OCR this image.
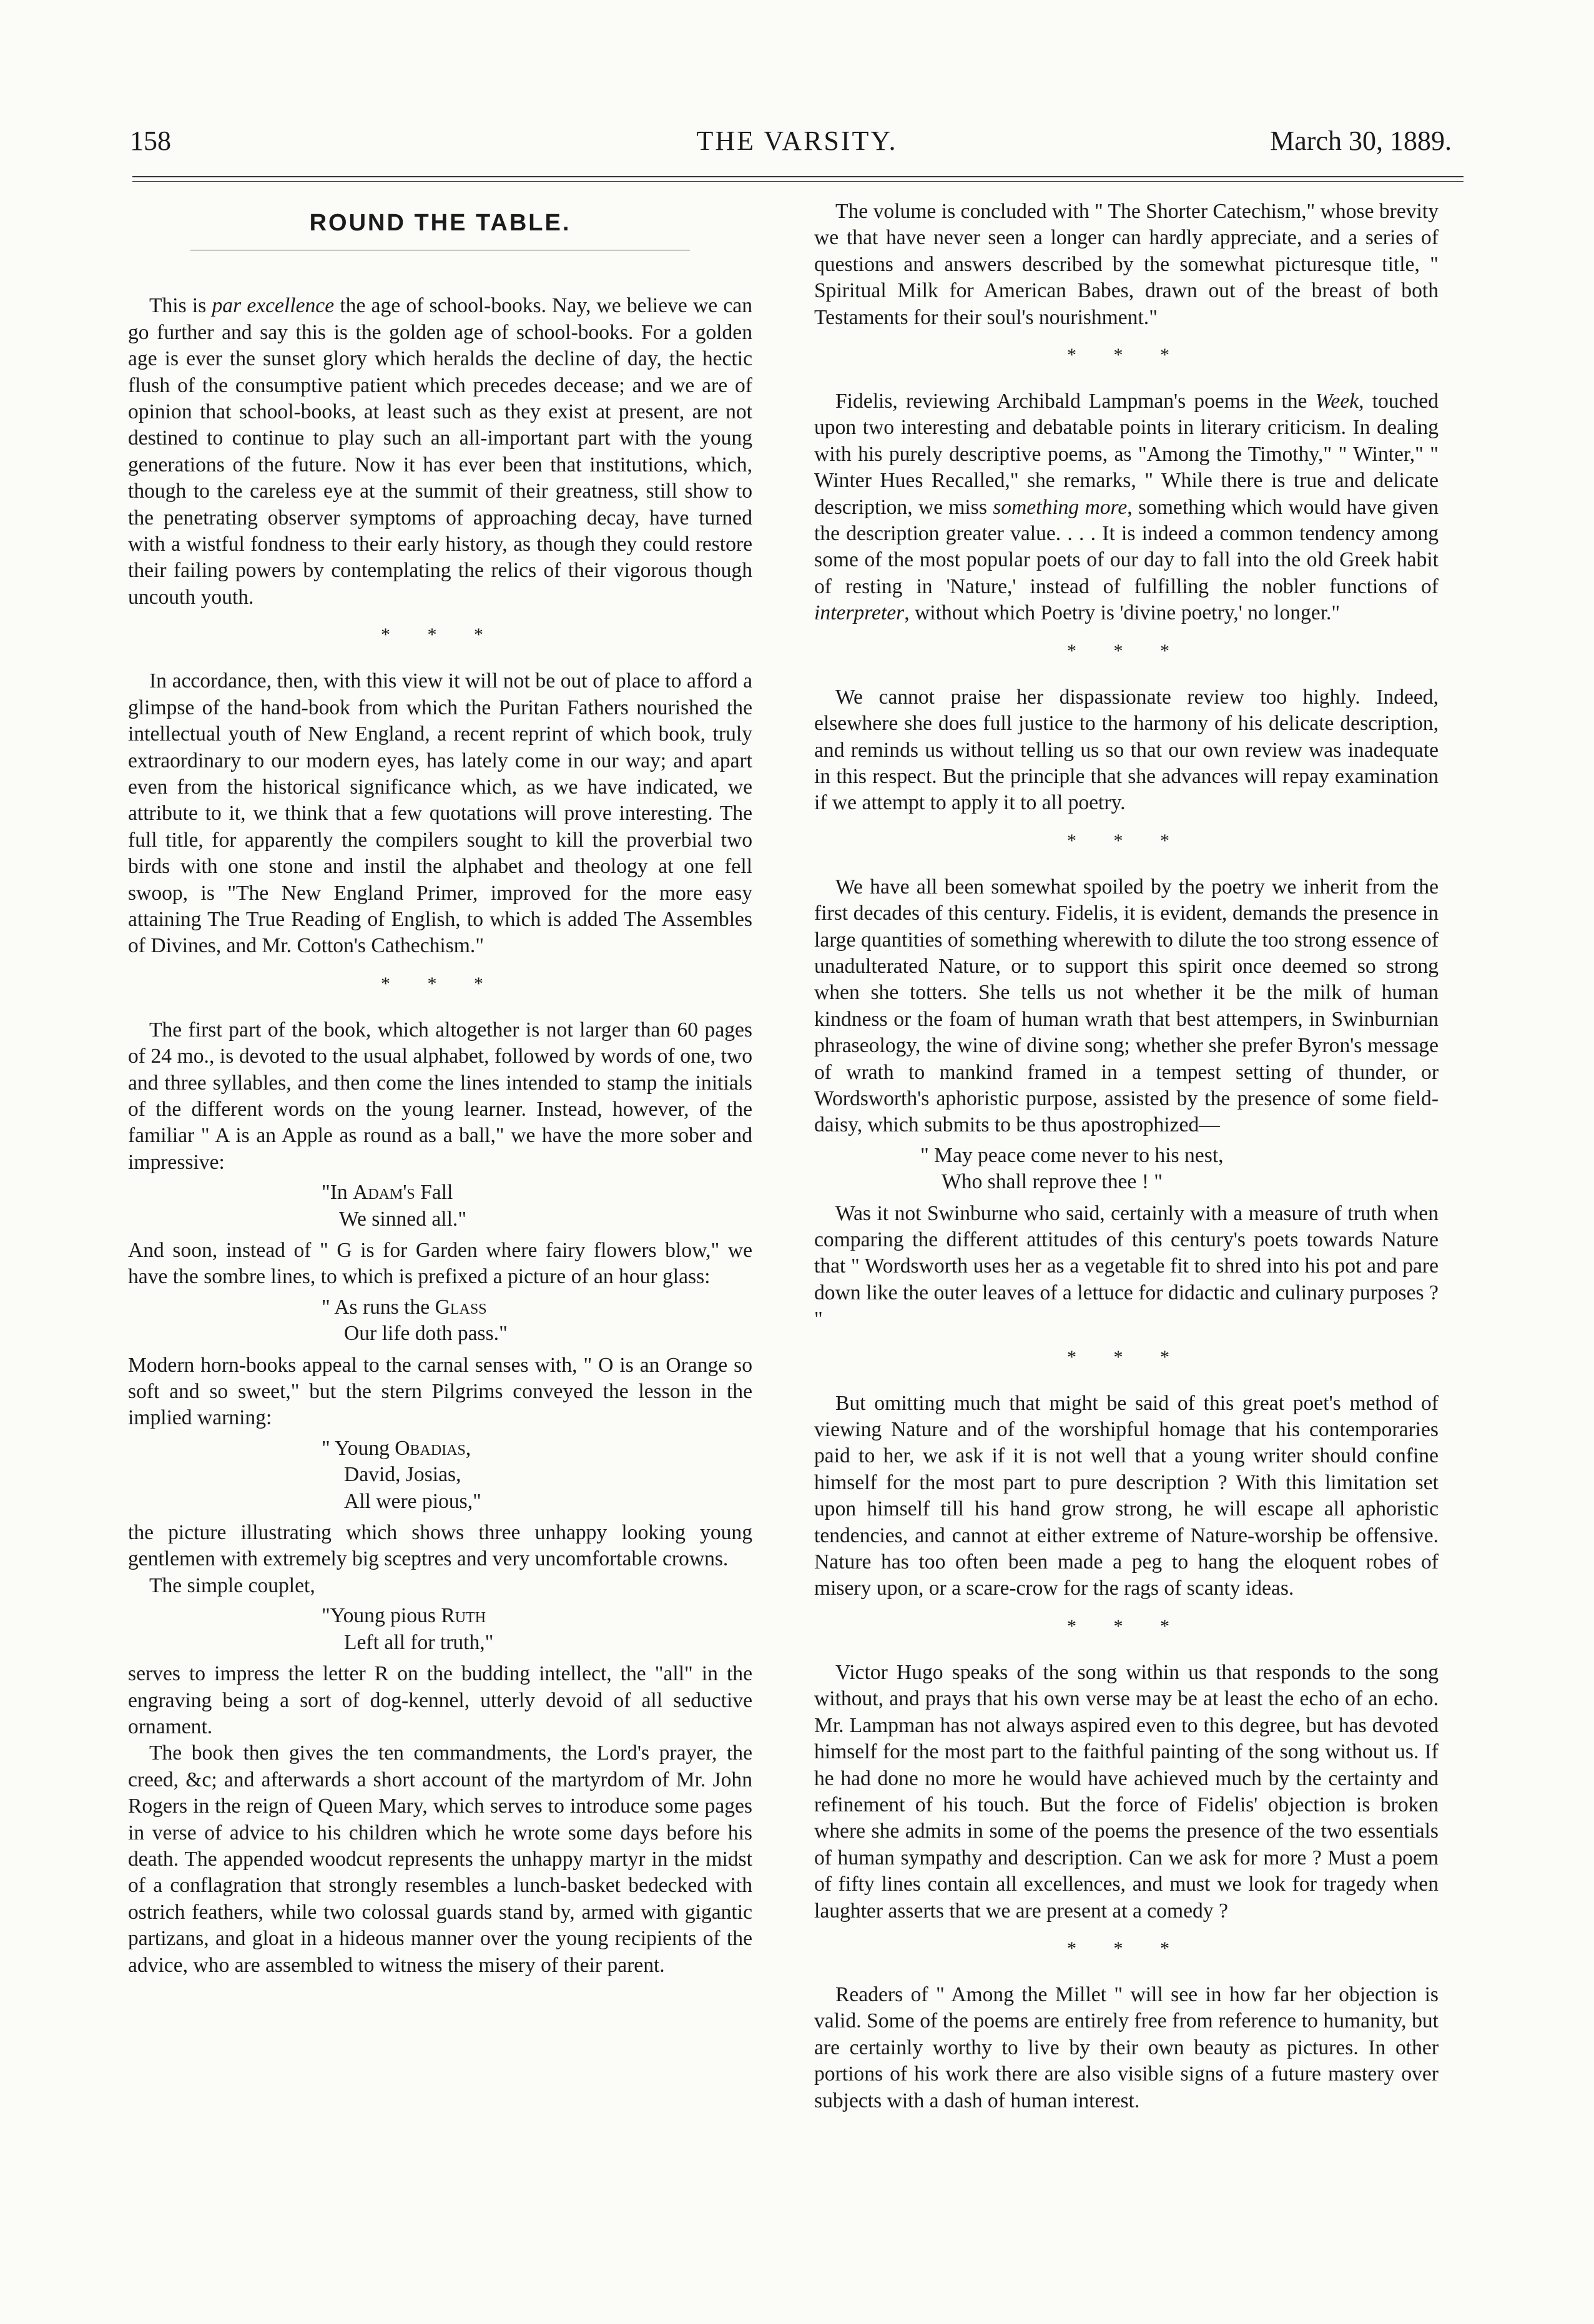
158	THE VARSITY.	March 30, 1889.
ROUND THE TABLE.

This is par excellence the age of school-books. Nay, we believe we can go further and say this is the golden age of school-books. For a golden age is ever the sunset glory which heralds the decline of day, the hectic flush of the consumptive patient which precedes decease; and we are of opinion that school-books, at least such as they exist at present, are not destined to continue to play such an all-important part with the young generations of the future. Now it has ever been that institutions, which, though to the careless eye at the summit of their greatness, still show to the penetrating observer symptoms of approaching decay, have turned with a wistful fondness to their early history, as though they could restore their failing powers by contemplating the relics of their vigorous though uncouth youth.

* * *

In accordance, then, with this view it will not be out of place to afford a glimpse of the hand-book from which the Puritan Fathers nourished the intellectual youth of New England, a recent reprint of which book, truly extraordinary to our modern eyes, has lately come in our way; and apart even from the historical significance which, as we have indicated, we attribute to it, we think that a few quotations will prove interesting. The full title, for apparently the compilers sought to kill the proverbial two birds with one stone and instil the alphabet and theology at one fell swoop, is "The New England Primer, improved for the more easy attaining The True Reading of English, to which is added The Assembles of Divines, and Mr. Cotton's Cathechism."

* * *

The first part of the book, which altogether is not larger than 60 pages of 24 mo., is devoted to the usual alphabet, followed by words of one, two and three syllables, and then come the lines intended to stamp the initials of the different words on the young learner. Instead, however, of the familiar " A is an Apple as round as a ball," we have the more sober and impressive:

"In Adam's Fall
We sinned all."

And soon, instead of " G is for Garden where fairy flowers blow," we have the sombre lines, to which is prefixed a picture of an hour glass:

" As runs the Glass
Our life doth pass."

Modern horn-books appeal to the carnal senses with, " O is an Orange so soft and so sweet," but the stern Pilgrims conveyed the lesson in the implied warning:

" Young Obadias,
David, Josias,
All were pious,"

the picture illustrating which shows three unhappy looking young gentlemen with extremely big sceptres and very uncomfortable crowns.

The simple couplet,

"Young pious Ruth
Left all for truth,"

serves to impress the letter R on the budding intellect, the "all" in the engraving being a sort of dog-kennel, utterly devoid of all seductive ornament.

The book then gives the ten commandments, the Lord's prayer, the creed, &c; and afterwards a short account of the martyrdom of Mr. John Rogers in the reign of Queen Mary, which serves to introduce some pages in verse of advice to his children which he wrote some days before his death. The appended woodcut represents the unhappy martyr in the midst of a conflagration that strongly resembles a lunch-basket bedecked with ostrich feathers, while two colossal guards stand by, armed with gigantic partizans, and gloat in a hideous manner over the young recipients of the advice, who are assembled to witness the misery of their parent.

The volume is concluded with " The Shorter Catechism," whose brevity we that have never seen a longer can hardly appreciate, and a series of questions and answers described by the somewhat picturesque title, " Spiritual Milk for American Babes, drawn out of the breast of both Testaments for their soul's nourishment."

* * *

Fidelis, reviewing Archibald Lampman's poems in the Week, touched upon two interesting and debatable points in literary criticism. In dealing with his purely descriptive poems, as "Among the Timothy," " Winter," " Winter Hues Recalled," she remarks, " While there is true and delicate description, we miss something more, something which would have given the description greater value. . . . It is indeed a common tendency among some of the most popular poets of our day to fall into the old Greek habit of resting in 'Nature,' instead of fulfilling the nobler functions of interpreter, without which Poetry is 'divine poetry,' no longer."

* * *

We cannot praise her dispassionate review too highly. Indeed, elsewhere she does full justice to the harmony of his delicate description, and reminds us without telling us so that our own review was inadequate in this respect. But the principle that she advances will repay examination if we attempt to apply it to all poetry.

* * *

We have all been somewhat spoiled by the poetry we inherit from the first decades of this century. Fidelis, it is evident, demands the presence in large quantities of something wherewith to dilute the too strong essence of unadulterated Nature, or to support this spirit once deemed so strong when she totters. She tells us not whether it be the milk of human kindness or the foam of human wrath that best attempers, in Swinburnian phraseology, the wine of divine song; whether she prefer Byron's message of wrath to mankind framed in a tempest setting of thunder, or Wordsworth's aphoristic purpose, assisted by the presence of some field-daisy, which submits to be thus apostrophized—

" May peace come never to his nest,
Who shall reprove thee ! "

Was it not Swinburne who said, certainly with a measure of truth when comparing the different attitudes of this century's poets towards Nature that " Wordsworth uses her as a vegetable fit to shred into his pot and pare down like the outer leaves of a lettuce for didactic and culinary purposes ? "

* * *

But omitting much that might be said of this great poet's method of viewing Nature and of the worshipful homage that his contemporaries paid to her, we ask if it is not well that a young writer should confine himself for the most part to pure description ? With this limitation set upon himself till his hand grow strong, he will escape all aphoristic tendencies, and cannot at either extreme of Nature-worship be offensive. Nature has too often been made a peg to hang the eloquent robes of misery upon, or a scare-crow for the rags of scanty ideas.

* * *

Victor Hugo speaks of the song within us that responds to the song without, and prays that his own verse may be at least the echo of an echo. Mr. Lampman has not always aspired even to this degree, but has devoted himself for the most part to the faithful painting of the song without us. If he had done no more he would have achieved much by the certainty and refinement of his touch. But the force of Fidelis' objection is broken where she admits in some of the poems the presence of the two essentials of human sympathy and description. Can we ask for more ? Must a poem of fifty lines contain all excellences, and must we look for tragedy when laughter asserts that we are present at a comedy ?

* * *

Readers of " Among the Millet " will see in how far her objection is valid. Some of the poems are entirely free from reference to humanity, but are certainly worthy to live by their own beauty as pictures. In other portions of his work there are also visible signs of a future mastery over subjects with a dash of human interest.
